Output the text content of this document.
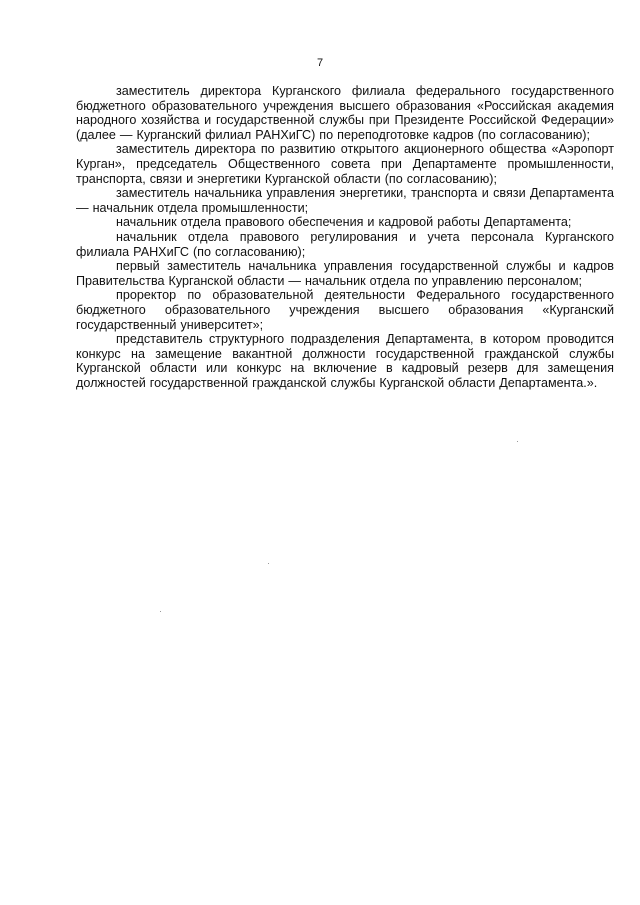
7

заместитель директора Курганского филиала федерального государственного бюджетного образовательного учреждения высшего образования «Российская академия народного хозяйства и государственной службы при Президенте Российской Федерации» (далее — Курганский филиал РАНХиГС) по переподготовке кадров (по согласованию);

заместитель директора по развитию открытого акционерного общества «Аэропорт Курган», председатель Общественного совета при Департаменте промышленности, транспорта, связи и энергетики Курганской области (по согласованию);

заместитель начальника управления энергетики, транспорта и связи Департамента — начальник отдела промышленности;

начальник отдела правового обеспечения и кадровой работы Департамента;

начальник отдела правового регулирования и учета персонала Курганского филиала РАНХиГС (по согласованию);

первый заместитель начальника управления государственной службы и кадров Правительства Курганской области — начальник отдела по управлению персоналом;

проректор по образовательной деятельности Федерального государственного бюджетного образовательного учреждения высшего образования «Курганский государственный университет»;

представитель структурного подразделения Департамента, в котором проводится конкурс на замещение вакантной должности государственной гражданской службы Курганской области или конкурс на включение в кадровый резерв для замещения должностей государственной гражданской службы Курганской области Департамента.».
